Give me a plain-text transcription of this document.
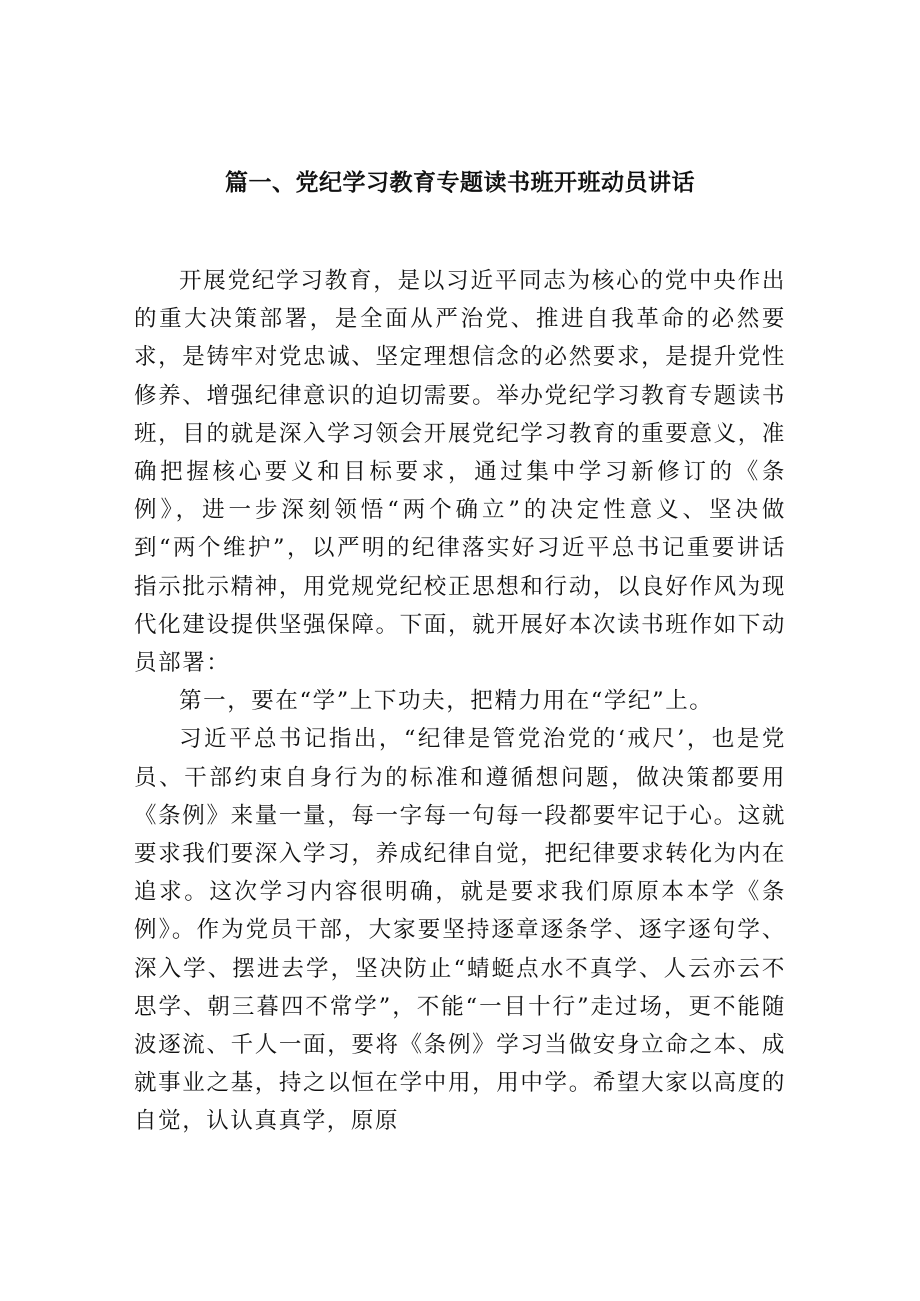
篇一、党纪学习教育专题读书班开班动员讲话

开展党纪学习教育，是以习近平同志为核心的党中央作出的重大决策部署，是全面从严治党、推进自我革命的必然要求，是铸牢对党忠诚、坚定理想信念的必然要求，是提升党性修养、增强纪律意识的迫切需要。举办党纪学习教育专题读书班，目的就是深入学习领会开展党纪学习教育的重要意义，准确把握核心要义和目标要求，通过集中学习新修订的《条例》，进一步深刻领悟“两个确立”的决定性意义、坚决做到“两个维护”，以严明的纪律落实好习近平总书记重要讲话指示批示精神，用党规党纪校正思想和行动，以良好作风为现代化建设提供坚强保障。下面，就开展好本次读书班作如下动员部署：

第一，要在“学”上下功夫，把精力用在“学纪”上。

习近平总书记指出，“纪律是管党治党的‘戒尺’，也是党员、干部约束自身行为的标准和遵循想问题，做决策都要用《条例》来量一量，每一字每一句每一段都要牢记于心。这就要求我们要深入学习，养成纪律自觉，把纪律要求转化为内在追求。这次学习内容很明确，就是要求我们原原本本学《条例》。作为党员干部，大家要坚持逐章逐条学、逐字逐句学、深入学、摆进去学，坚决防止“蜻蜓点水不真学、人云亦云不思学、朝三暮四不常学”，不能“一目十行”走过场，更不能随波逐流、千人一面，要将《条例》学习当做安身立命之本、成就事业之基，持之以恒在学中用，用中学。希望大家以高度的自觉，认认真真学，原原
